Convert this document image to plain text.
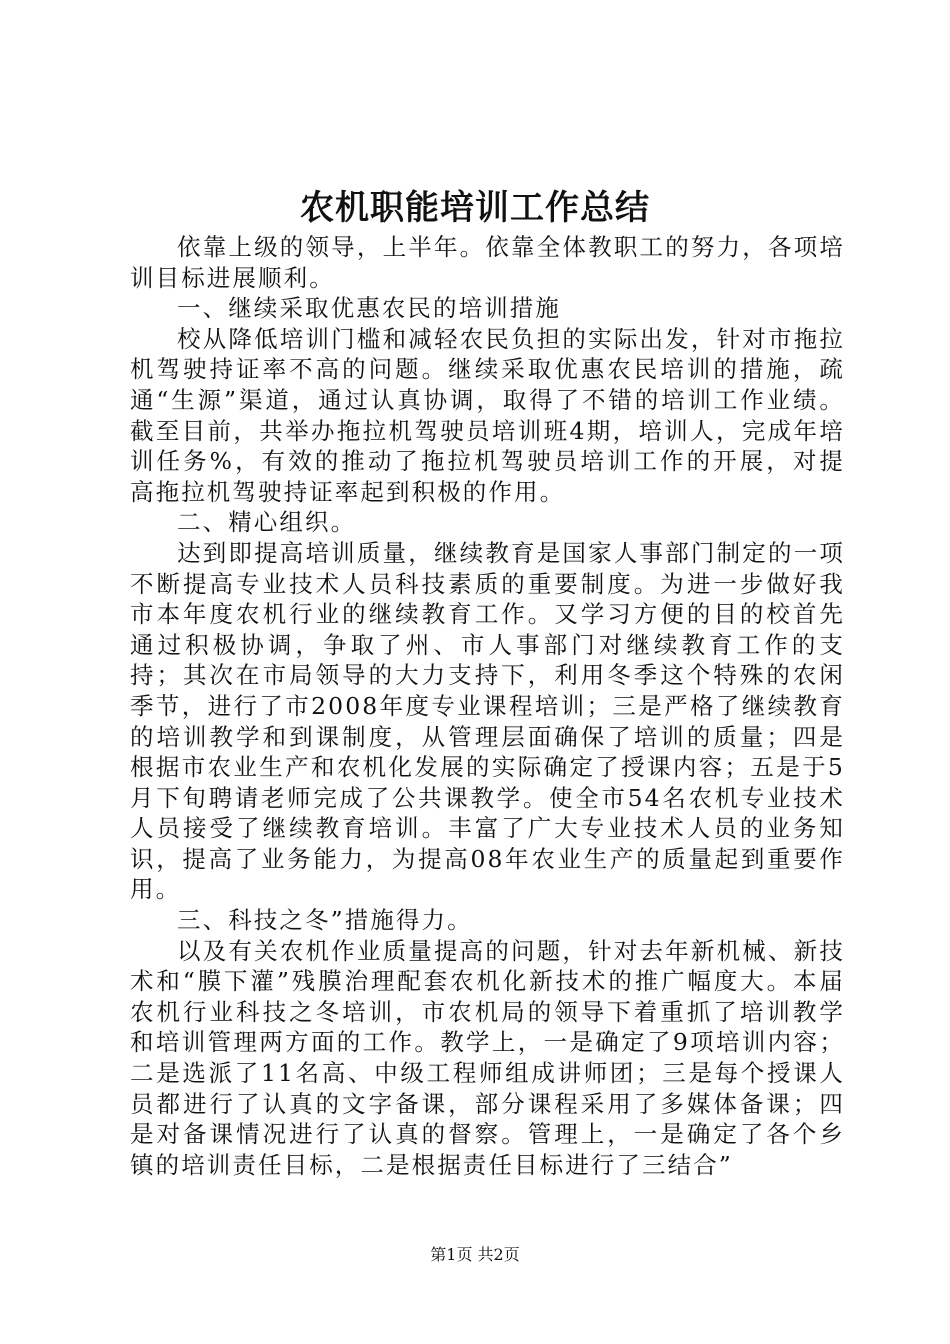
农机职能培训工作总结

依靠上级的领导，上半年。依靠全体教职工的努力，各项培训目标进展顺利。

一、继续采取优惠农民的培训措施

校从降低培训门槛和减轻农民负担的实际出发，针对市拖拉机驾驶持证率不高的问题。继续采取优惠农民培训的措施，疏通“生源”渠道，通过认真协调，取得了不错的培训工作业绩。截至目前，共举办拖拉机驾驶员培训班4期，培训人，完成年培训任务%，有效的推动了拖拉机驾驶员培训工作的开展，对提高拖拉机驾驶持证率起到积极的作用。

二、精心组织。

达到即提高培训质量，继续教育是国家人事部门制定的一项不断提高专业技术人员科技素质的重要制度。为进一步做好我市本年度农机行业的继续教育工作。又学习方便的目的校首先通过积极协调，争取了州、市人事部门对继续教育工作的支持；其次在市局领导的大力支持下，利用冬季这个特殊的农闲季节，进行了市2008年度专业课程培训；三是严格了继续教育的培训教学和到课制度，从管理层面确保了培训的质量；四是根据市农业生产和农机化发展的实际确定了授课内容；五是于5月下旬聘请老师完成了公共课教学。使全市54名农机专业技术人员接受了继续教育培训。丰富了广大专业技术人员的业务知识，提高了业务能力，为提高08年农业生产的质量起到重要作用。

三、科技之冬”措施得力。

以及有关农机作业质量提高的问题，针对去年新机械、新技术和“膜下灌”残膜治理配套农机化新技术的推广幅度大。本届农机行业科技之冬培训，市农机局的领导下着重抓了培训教学和培训管理两方面的工作。教学上，一是确定了9项培训内容；二是选派了11名高、中级工程师组成讲师团；三是每个授课人员都进行了认真的文字备课，部分课程采用了多媒体备课；四是对备课情况进行了认真的督察。管理上，一是确定了各个乡镇的培训责任目标，二是根据责任目标进行了三结合”

第1页 共2页
